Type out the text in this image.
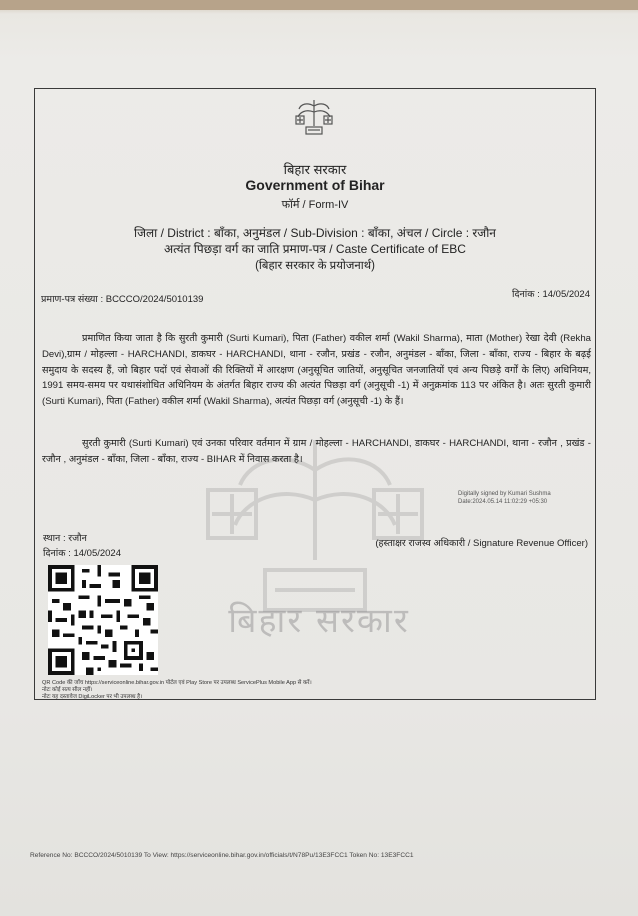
बिहार सरकार
Government of Bihar
फॉर्म / Form-IV
जिला / District : बाँका, अनुमंडल / Sub-Division : बाँका, अंचल / Circle : रजौन
अत्यंत पिछड़ा वर्ग का जाति प्रमाण-पत्र / Caste Certificate of EBC
(बिहार सरकार के प्रयोजनार्थ)
प्रमाण-पत्र संख्या : BCCCO/2024/5010139	दिनांक : 14/05/2024
बिहार सरकार

प्रमाणित किया जाता है कि सुरती कुमारी (Surti Kumari), पिता (Father) वकील शर्मा (Wakil Sharma), माता (Mother) रेखा देवी (Rekha Devi),ग्राम / मोहल्ला - HARCHANDI, डाकघर - HARCHANDI, थाना - रजौन, प्रखंड - रजौन, अनुमंडल - बाँका, जिला - बाँका, राज्य - बिहार के बढ़ई समुदाय के सदस्य हैं, जो बिहार पदों एवं सेवाओं की रिक्तियों में आरक्षण (अनुसूचित जातियों, अनुसूचित जनजातियों एवं अन्य पिछड़े वर्गों के लिए) अधिनियम, 1991 समय-समय पर यथासंशोधित अधिनियम के अंतर्गत बिहार राज्य की अत्यंत पिछड़ा वर्ग (अनुसूची -1) में अनुक्रमांक 113 पर अंकित है। अतः सुरती कुमारी (Surti Kumari), पिता (Father) वकील शर्मा (Wakil Sharma), अत्यंत पिछड़ा वर्ग (अनुसूची -1) के हैं।

सुरती कुमारी (Surti Kumari) एवं उनका परिवार वर्तमान में ग्राम / मोहल्ला - HARCHANDI, डाकघर - HARCHANDI, थाना - रजौन , प्रखंड - रजौन , अनुमंडल - बाँका, जिला - बाँका, राज्य - BIHAR में निवास करता है।

Digitally signed by Kumari Sushma
Date:2024.05.14 11:02:29 +05:30
स्थान : रजौन
दिनांक : 14/05/2024
(हस्ताक्षर राजस्व अधिकारी / Signature Revenue Officer)
QR Code की जाँच https://serviceonline.bihar.gov.in पोर्टल एवं Play Store पर उपलब्ध ServicePlus Mobile App से करें।
नोटः कोई सत्य सील नहीं।
नोटः यह दस्तावेज DigiLocker पर भी उपलब्ध है।
Reference No: BCCCO/2024/5010139 To View: https://serviceonline.bihar.gov.in/officials/t/N78Pu/13E3FCC1 Token No: 13E3FCC1
